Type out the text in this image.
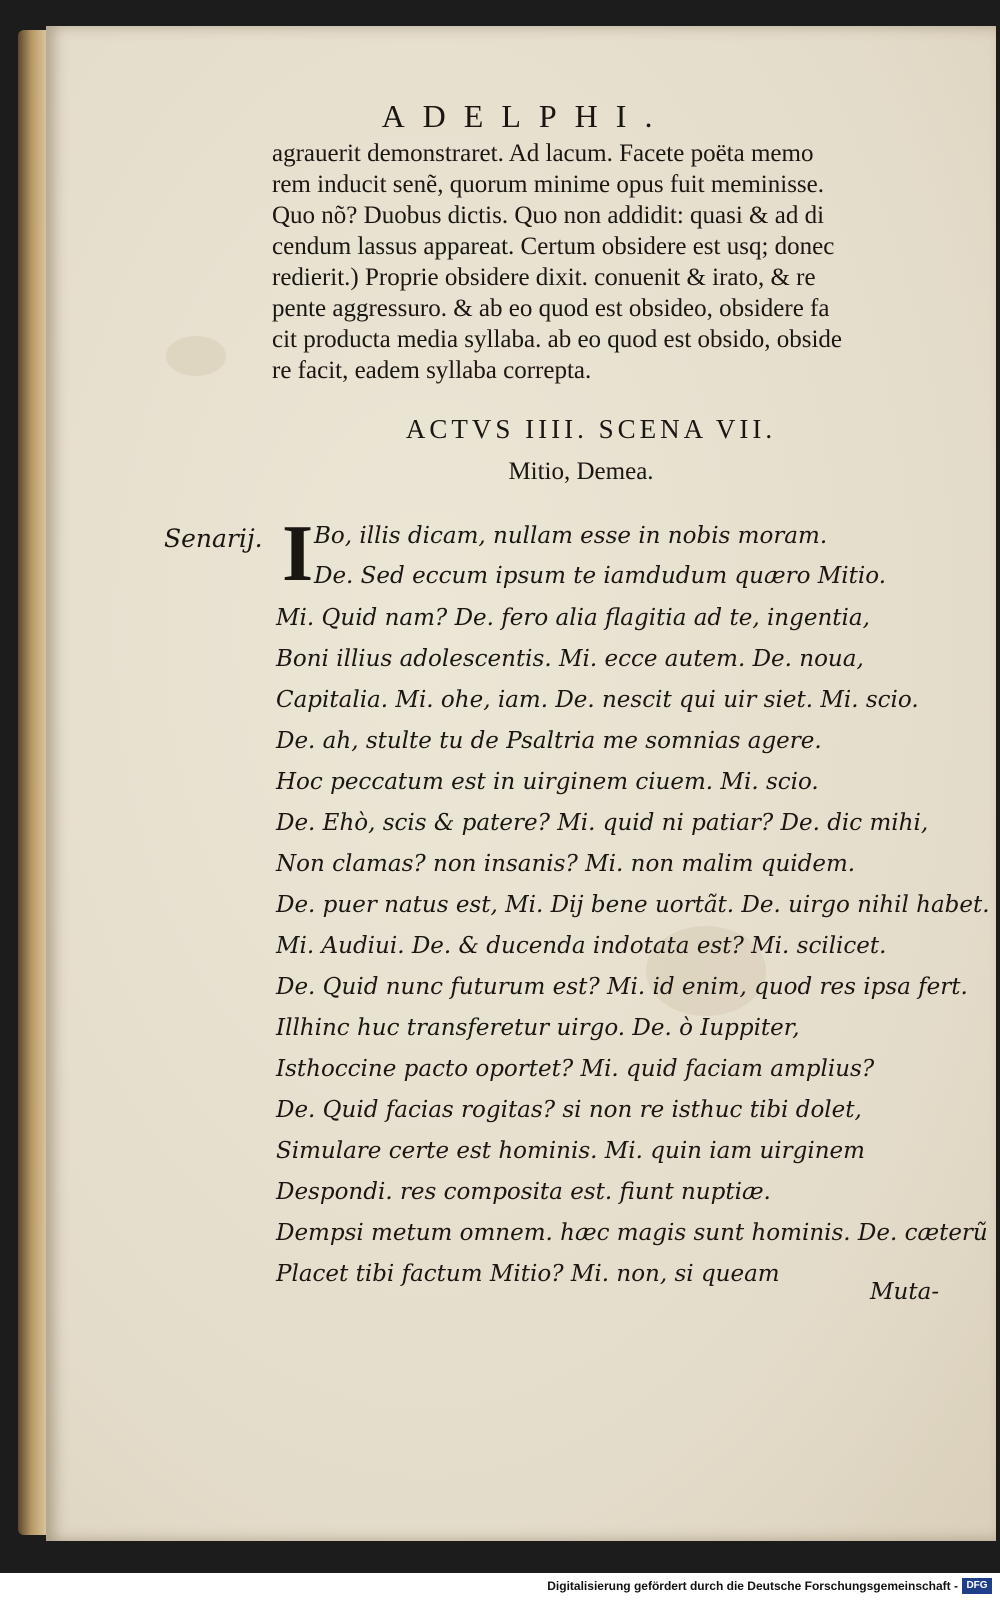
ADELPHI.
agrauerit demonstraret. Ad lacum. Facete poëta memo
rem inducit senẽ, quorum minime opus fuit meminisse.
Quo nõ? Duobus dictis. Quo non addidit: quasi & ad di
cendum lassus appareat. Certum obsidere est usq; donec
redierit.) Proprie obsidere dixit. conuenit & irato, & re
pente aggressuro. & ab eo quod est obsideo, obsidere fa
cit producta media syllaba. ab eo quod est obsido, obside
re facit, eadem syllaba correpta.
ACTVS IIII. SCENA VII.
Mitio, Demea.
Senarij. I Bo, illis dicam, nullam esse in nobis moram.
De. Sed eccum ipsum te iamdudum quæro Mitio.
Mi. Quid nam? De. fero alia flagitia ad te, ingentia,
Boni illius adolescentis. Mi. ecce autem. De. noua,
Capitalia. Mi. ohe, iam. De. nescit qui uir siet. Mi. scio.
De. ah, stulte tu de Psaltria me somnias agere.
Hoc peccatum est in uirginem ciuem. Mi. scio.
De. Ehò, scis & patere? Mi. quid ni patiar? De. dic mihi,
Non clamas? non insanis? Mi. non malim quidem.
De. puer natus est, Mi. Dij bene uortãt. De. uirgo nihil habet.
Mi. Audiui. De. & ducenda indotata est? Mi. scilicet.
De. Quid nunc futurum est? Mi. id enim, quod res ipsa fert.
Illhinc huc transferetur uirgo. De. ò Iuppiter,
Isthoccine pacto oportet? Mi. quid faciam amplius?
De. Quid facias rogitas? si non re isthuc tibi dolet,
Simulare certe est hominis. Mi. quin iam uirginem
Despondi. res composita est. fiunt nuptiæ.
Dempsi metum omnem. hæc magis sunt hominis. De. cæterũ
Placet tibi factum Mitio? Mi. non, si queam
Muta-
Digitalisierung gefördert durch die Deutsche Forschungsgemeinschaft - DFG
